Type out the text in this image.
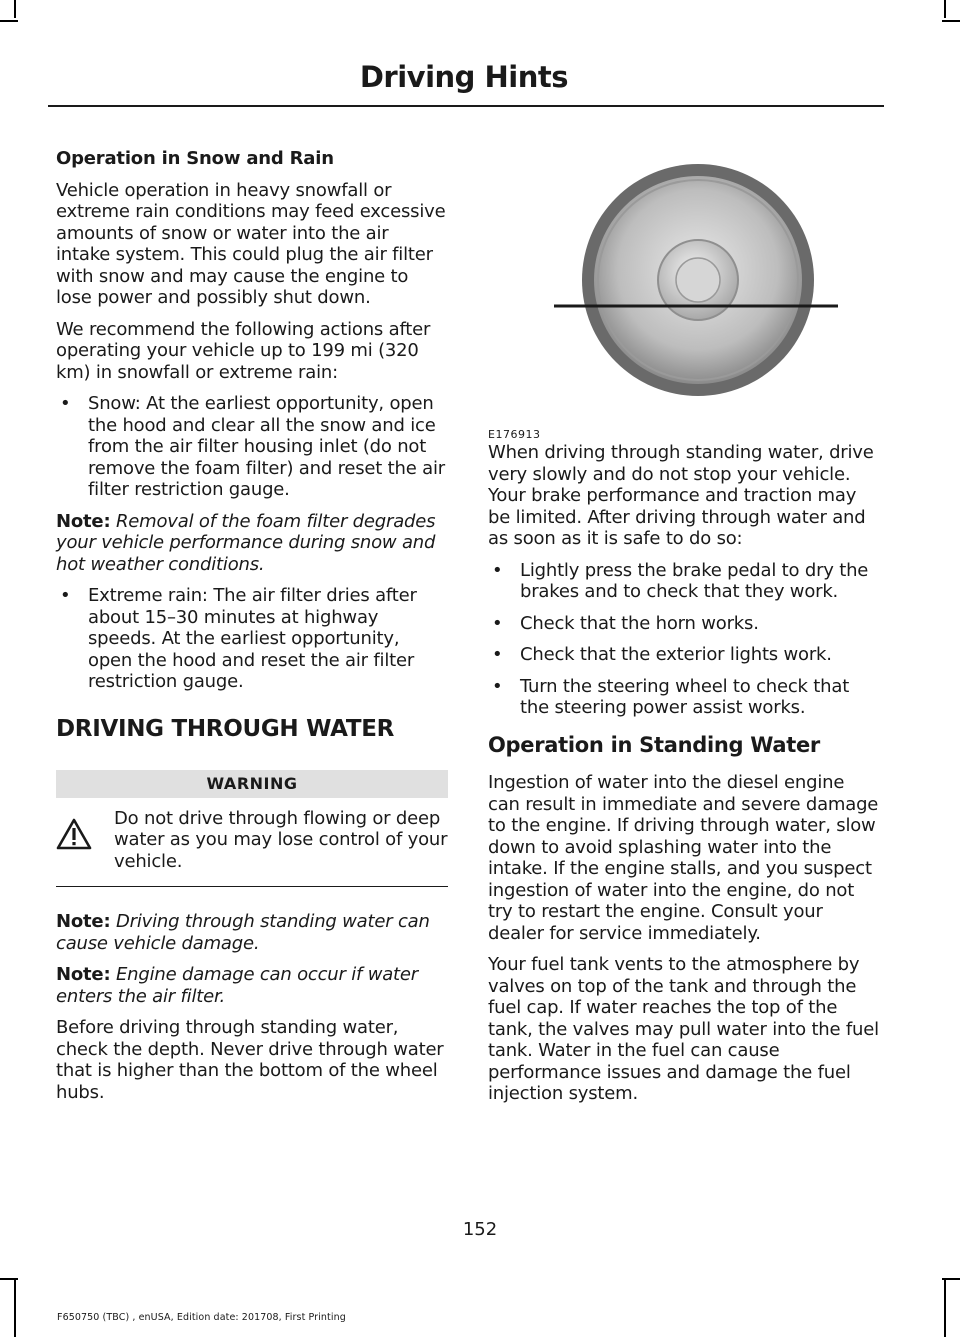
Driving Hints
Operation in Snow and Rain

Vehicle operation in heavy snowfall or extreme rain conditions may feed excessive amounts of snow or water into the air intake system. This could plug the air filter with snow and may cause the engine to lose power and possibly shut down.

We recommend the following actions after operating your vehicle up to 199 mi (320 km) in snowfall or extreme rain:

• Snow: At the earliest opportunity, open the hood and clear all the snow and ice from the air filter housing inlet (do not remove the foam filter) and reset the air filter restriction gauge.

Note: Removal of the foam filter degrades your vehicle performance during snow and hot weather conditions.

• Extreme rain: The air filter dries after about 15–30 minutes at highway speeds. At the earliest opportunity, open the hood and reset the air filter restriction gauge.
DRIVING THROUGH WATER
WARNING
Do not drive through flowing or deep water as you may lose control of your vehicle.

Note: Driving through standing water can cause vehicle damage.

Note: Engine damage can occur if water enters the air filter.

Before driving through standing water, check the depth. Never drive through water that is higher than the bottom of the wheel hubs.

E176913

When driving through standing water, drive very slowly and do not stop your vehicle. Your brake performance and traction may be limited. After driving through water and as soon as it is safe to do so:

• Lightly press the brake pedal to dry the brakes and to check that they work.
• Check that the horn works.
• Check that the exterior lights work.
• Turn the steering wheel to check that the steering power assist works.
Operation in Standing Water

Ingestion of water into the diesel engine can result in immediate and severe damage to the engine. If driving through water, slow down to avoid splashing water into the intake. If the engine stalls, and you suspect ingestion of water into the engine, do not try to restart the engine. Consult your dealer for service immediately.

Your fuel tank vents to the atmosphere by valves on top of the tank and through the fuel cap. If water reaches the top of the tank, the valves may pull water into the fuel tank. Water in the fuel can cause performance issues and damage the fuel injection system.

152
F650750 (TBC) , enUSA, Edition date: 201708, First Printing
